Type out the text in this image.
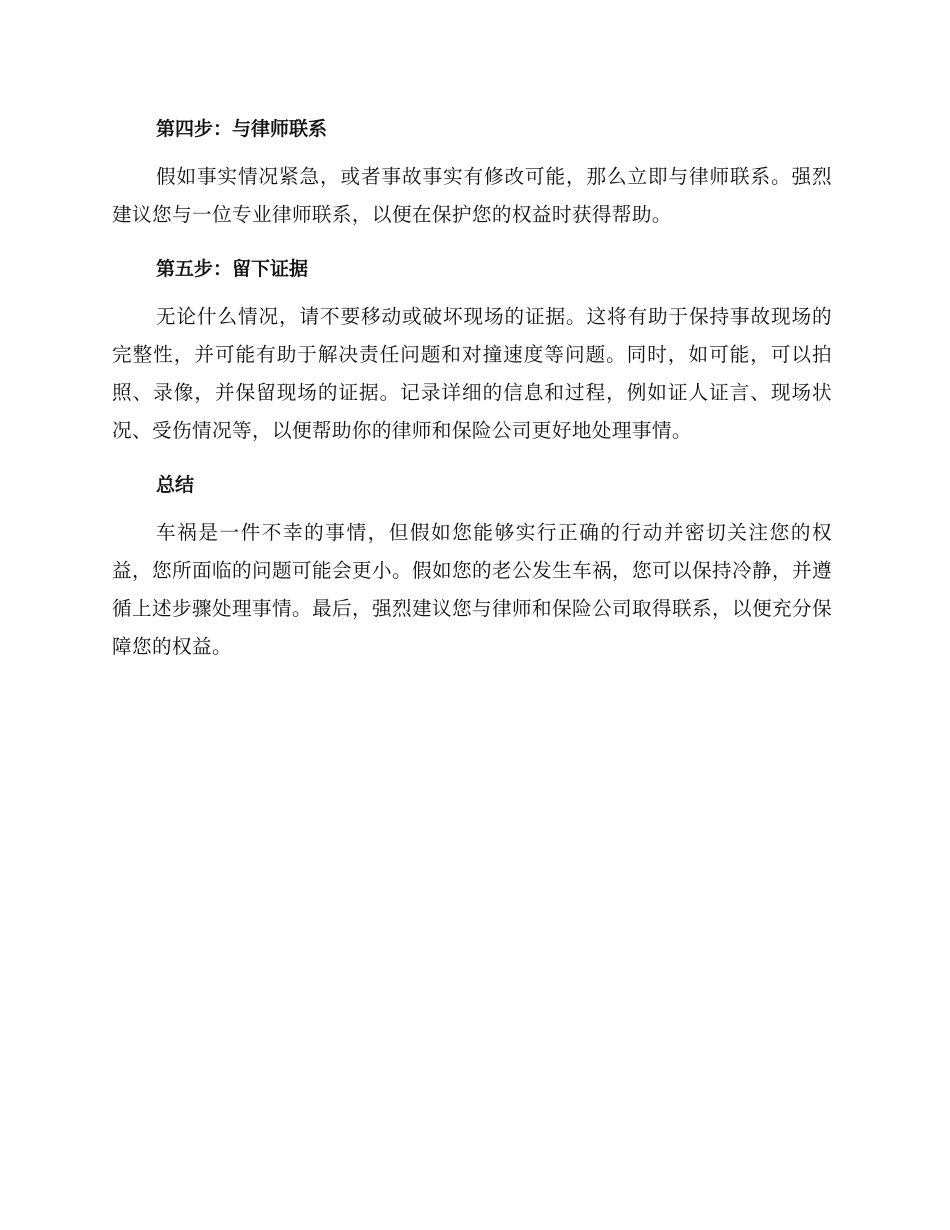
第四步：与律师联系

假如事实情况紧急，或者事故事实有修改可能，那么立即与律师联系。强烈建议您与一位专业律师联系，以便在保护您的权益时获得帮助。

第五步：留下证据

无论什么情况，请不要移动或破坏现场的证据。这将有助于保持事故现场的完整性，并可能有助于解决责任问题和对撞速度等问题。同时，如可能，可以拍照、录像，并保留现场的证据。记录详细的信息和过程，例如证人证言、现场状况、受伤情况等，以便帮助你的律师和保险公司更好地处理事情。

总结

车祸是一件不幸的事情，但假如您能够实行正确的行动并密切关注您的权益，您所面临的问题可能会更小。假如您的老公发生车祸，您可以保持冷静，并遵循上述步骤处理事情。最后，强烈建议您与律师和保险公司取得联系，以便充分保障您的权益。
